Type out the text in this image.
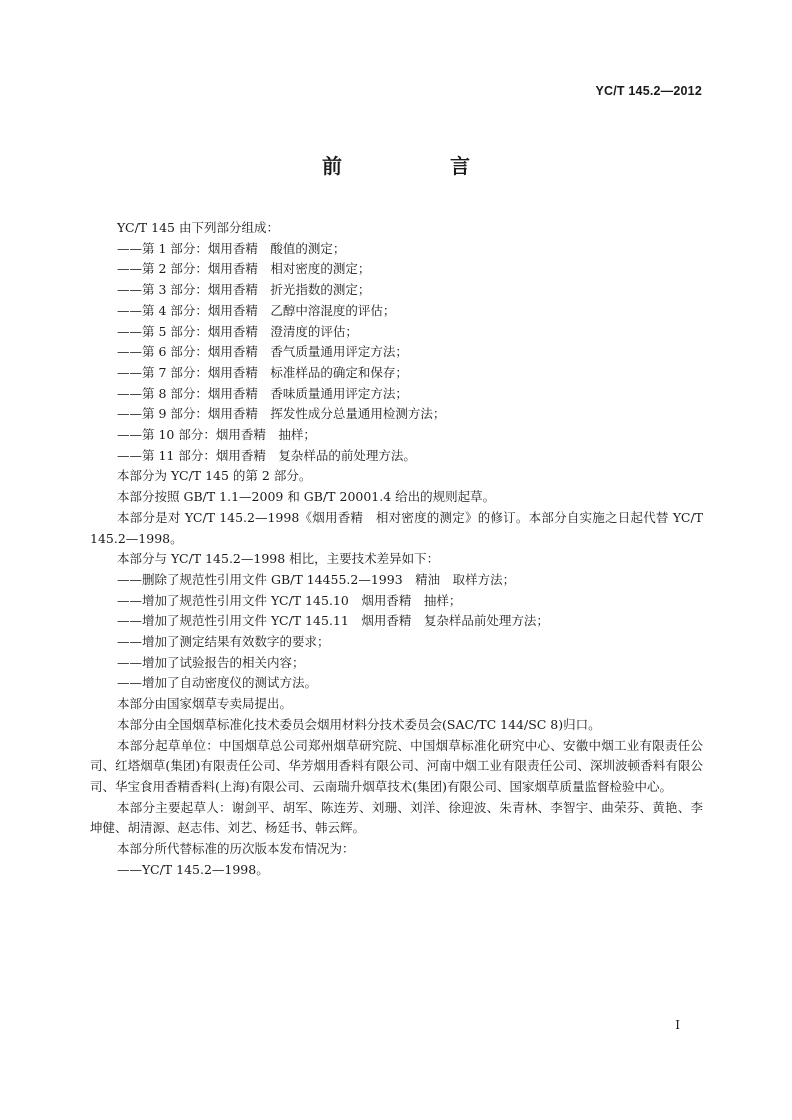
YC/T 145.2—2012
前　言

YC/T 145 由下列部分组成：

——第 1 部分：烟用香精　酸值的测定；

——第 2 部分：烟用香精　相对密度的测定；

——第 3 部分：烟用香精　折光指数的测定；

——第 4 部分：烟用香精　乙醇中溶混度的评估；

——第 5 部分：烟用香精　澄清度的评估；

——第 6 部分：烟用香精　香气质量通用评定方法；

——第 7 部分：烟用香精　标准样品的确定和保存；

——第 8 部分：烟用香精　香味质量通用评定方法；

——第 9 部分：烟用香精　挥发性成分总量通用检测方法；

——第 10 部分：烟用香精　抽样；

——第 11 部分：烟用香精　复杂样品的前处理方法。

本部分为 YC/T 145 的第 2 部分。

本部分按照 GB/T 1.1—2009 和 GB/T 20001.4 给出的规则起草。

本部分是对 YC/T 145.2—1998《烟用香精　相对密度的测定》的修订。本部分自实施之日起代替 YC/T 145.2—1998。

本部分与 YC/T 145.2—1998 相比，主要技术差异如下：

——删除了规范性引用文件 GB/T 14455.2—1993　精油　取样方法；

——增加了规范性引用文件 YC/T 145.10　烟用香精　抽样；

——增加了规范性引用文件 YC/T 145.11　烟用香精　复杂样品前处理方法；

——增加了测定结果有效数字的要求；

——增加了试验报告的相关内容；

——增加了自动密度仪的测试方法。

本部分由国家烟草专卖局提出。

本部分由全国烟草标准化技术委员会烟用材料分技术委员会(SAC/TC 144/SC 8)归口。

本部分起草单位：中国烟草总公司郑州烟草研究院、中国烟草标准化研究中心、安徽中烟工业有限责任公司、红塔烟草(集团)有限责任公司、华芳烟用香料有限公司、河南中烟工业有限责任公司、深圳波顿香料有限公司、华宝食用香精香料(上海)有限公司、云南瑞升烟草技术(集团)有限公司、国家烟草质量监督检验中心。

本部分主要起草人：谢剑平、胡军、陈连芳、刘珊、刘洋、徐迎波、朱青林、李智宇、曲荣芬、黄艳、李坤健、胡清源、赵志伟、刘艺、杨廷书、韩云辉。

本部分所代替标准的历次版本发布情况为：

——YC/T 145.2—1998。

I
